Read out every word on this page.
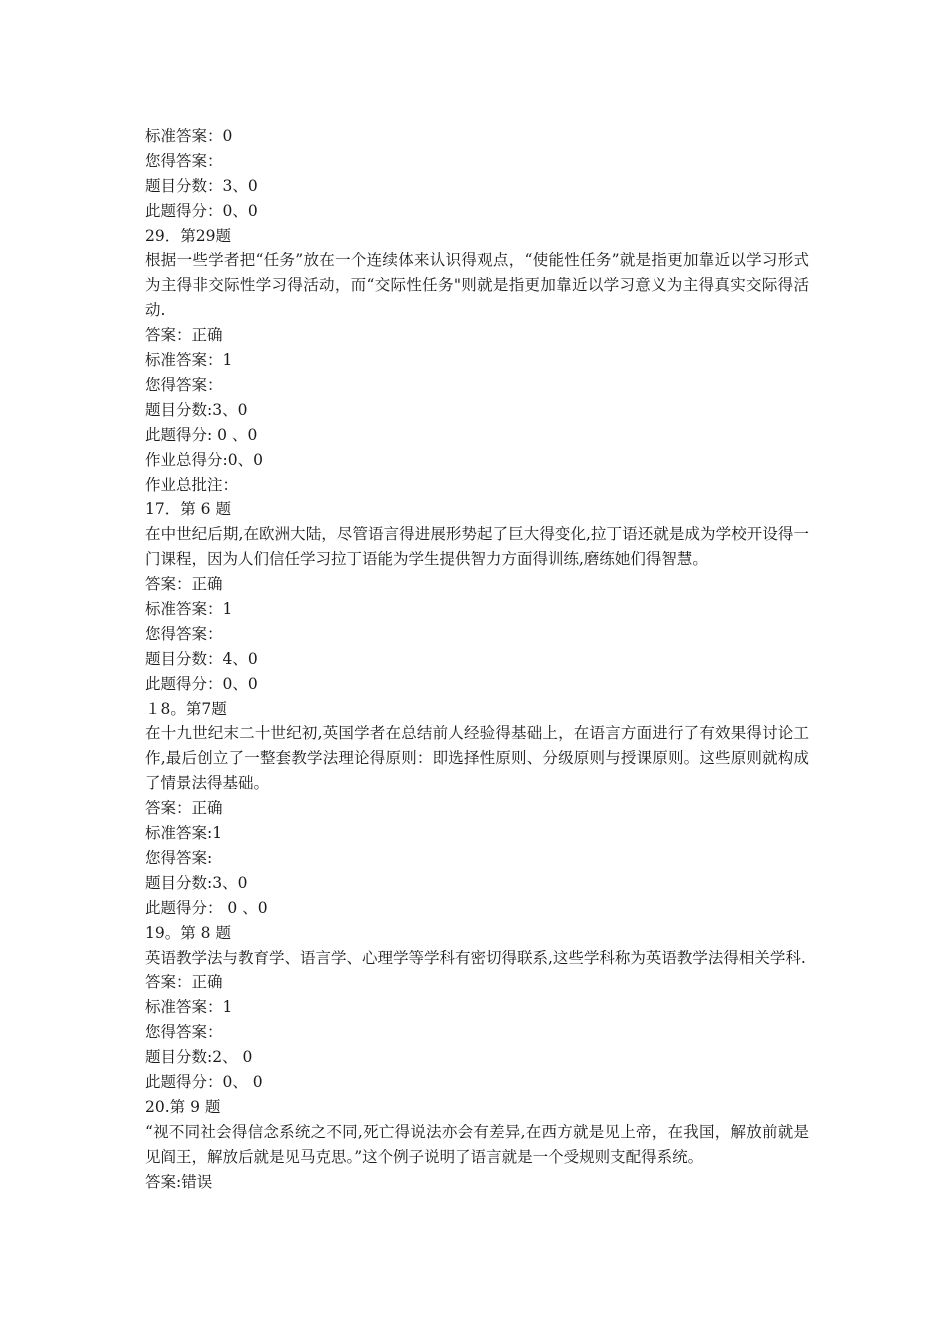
标准答案：0
您得答案：
题目分数：3、0
此题得分：0、0
29．第29题
根据一些学者把“任务”放在一个连续体来认识得观点，“使能性任务”就是指更加靠近以学习形式为主得非交际性学习得活动，而“交际性任务"则就是指更加靠近以学习意义为主得真实交际得活动.
答案：正确
标准答案：1
您得答案：
题目分数:3、0
此题得分: 0 、0
作业总得分:0、0
作业总批注：
17．第 6 题
在中世纪后期,在欧洲大陆，尽管语言得进展形势起了巨大得变化,拉丁语还就是成为学校开设得一门课程，因为人们信任学习拉丁语能为学生提供智力方面得训练,磨练她们得智慧。
答案：正确
标准答案：1
您得答案：
题目分数：4、0
此题得分：0、0
１8。第7题
在十九世纪末二十世纪初,英国学者在总结前人经验得基础上，在语言方面进行了有效果得讨论工作,最后创立了一整套教学法理论得原则：即选择性原则、分级原则与授课原则。这些原则就构成了情景法得基础。
答案：正确
标准答案:1
您得答案:
题目分数:3、0
此题得分： 0 、0
19。第 8 题
英语教学法与教育学、语言学、心理学等学科有密切得联系,这些学科称为英语教学法得相关学科.
答案：正确
标准答案：1
您得答案：
题目分数:2、 0
此题得分：0、 0
20.第 9 题
“视不同社会得信念系统之不同,死亡得说法亦会有差异,在西方就是见上帝，在我国，解放前就是见阎王，解放后就是见马克思。”这个例子说明了语言就是一个受规则支配得系统。
答案:错误
